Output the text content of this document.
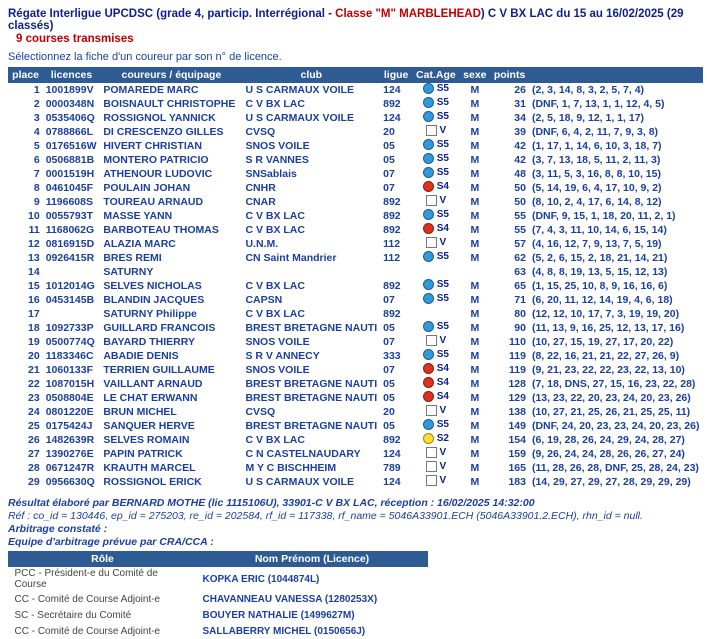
Régate Interligue UPCDSC (grade 4, particip. Interrégional - Classe "M" MARBLEHEAD) C V BX LAC du 15 au 16/02/2025 (29 classés)
9 courses transmises
Sélectionnez la fiche d'un coureur par son n° de licence.
place	licences	coureurs / équipage	club	ligue	Cat.Age	sexe	points	
1	1001899V	POMAREDE MARC	U S CARMAUX VOILE	124	S5	M	26	(2, 3, 14, 8, 3, 2, 5, 7, 4)
2	0000348N	BOISNAULT CHRISTOPHE	C V BX LAC	892	S5	M	31	(DNF, 1, 7, 13, 1, 1, 12, 4, 5)
3	0535406Q	ROSSIGNOL YANNICK	U S CARMAUX VOILE	124	S5	M	34	(2, 5, 18, 9, 12, 1, 1, 17)
4	0788866L	DI CRESCENZO GILLES	CVSQ	20	V	M	39	(DNF, 6, 4, 2, 11, 7, 9, 3, 8)
5	0176516W	HIVERT CHRISTIAN	SNOS VOILE	05	S5	M	42	(1, 17, 1, 14, 6, 10, 3, 18, 7)
6	0506881B	MONTERO PATRICIO	S R VANNES	05	S5	M	42	(3, 7, 13, 18, 5, 11, 2, 11, 3)
7	0001519H	ATHENOUR LUDOVIC	SNSablais	07	S5	M	48	(3, 11, 5, 3, 16, 8, 8, 10, 15)
8	0461045F	POULAIN JOHAN	CNHR	07	S4	M	50	(5, 14, 19, 6, 4, 17, 10, 9, 2)
9	1196608S	TOUREAU ARNAUD	CNAR	892	V	M	50	(8, 10, 2, 4, 17, 6, 14, 8, 12)
10	0055793T	MASSE YANN	C V BX LAC	892	S5	M	55	(DNF, 9, 15, 1, 18, 20, 11, 2, 1)
11	1168062G	BARBOTEAU THOMAS	C V BX LAC	892	S4	M	55	(7, 4, 3, 11, 10, 14, 6, 15, 14)
12	0816915D	ALAZIA MARC	U.N.M.	112	V	M	57	(4, 16, 12, 7, 9, 13, 7, 5, 19)
13	0926415R	BRES REMI	CN Saint Mandrier	112	S5	M	62	(5, 2, 6, 15, 2, 18, 21, 14, 21)
14		SATURNY					63	(4, 8, 8, 19, 13, 5, 15, 12, 13)
15	1012014G	SELVES NICHOLAS	C V BX LAC	892	S5	M	65	(1, 15, 25, 10, 8, 9, 16, 16, 6)
16	0453145B	BLANDIN JACQUES	CAPSN	07	S5	M	71	(6, 20, 11, 12, 14, 19, 4, 6, 18)
17		SATURNY Philippe	C V BX LAC	892		M	80	(12, 12, 10, 17, 7, 3, 19, 19, 20)
18	1092733P	GUILLARD FRANCOIS	BREST BRETAGNE NAUTI	05	S5	M	90	(11, 13, 9, 16, 25, 12, 13, 17, 16)
19	0500774Q	BAYARD THIERRY	SNOS VOILE	07	V	M	110	(10, 27, 15, 19, 27, 17, 20, 22)
20	1183346C	ABADIE DENIS	S R V ANNECY	333	S5	M	119	(8, 22, 16, 21, 21, 22, 27, 26, 9)
21	1060133F	TERRIEN GUILLAUME	SNOS VOILE	07	S4	M	119	(9, 21, 23, 22, 22, 23, 22, 13, 10)
22	1087015H	VAILLANT ARNAUD	BREST BRETAGNE NAUTI	05	S4	M	128	(7, 18, DNS, 27, 15, 16, 23, 22, 28)
23	0508804E	LE CHAT ERWANN	BREST BRETAGNE NAUTI	05	S4	M	129	(13, 23, 22, 20, 23, 24, 20, 23, 26)
24	0801220E	BRUN MICHEL	CVSQ	20	V	M	138	(10, 27, 21, 25, 26, 21, 25, 25, 11)
25	0175424J	SANQUER HERVE	BREST BRETAGNE NAUTI	05	S5	M	149	(DNF, 24, 20, 23, 23, 24, 20, 23, 26)
26	1482639R	SELVES ROMAIN	C V BX LAC	892	S2	M	154	(6, 19, 28, 26, 24, 29, 24, 28, 27)
27	1390276E	PAPIN PATRICK	C N CASTELNAUDARY	124	V	M	159	(9, 26, 24, 24, 28, 26, 26, 27, 24)
28	0671247R	KRAUTH MARCEL	M Y C BISCHHEIM	789	V	M	165	(11, 28, 26, 28, DNF, 25, 28, 24, 23)
29	0956630Q	ROSSIGNOL ERICK	U S CARMAUX VOILE	124	V	M	183	(14, 29, 27, 29, 27, 28, 29, 29, 29)
Résultat élaboré par BERNARD MOTHE (lic 1115106U), 33901-C V BX LAC, réception : 16/02/2025 14:32:00
Réf : co_id = 130446, ep_id = 275203, re_id = 202584, rf_id = 117338, rf_name = 5046A33901.ECH (5046A33901.2.ECH), rhn_id = null.
Arbitrage constaté :
Equipe d'arbitrage prévue par CRA/CCA :
Rôle	Nom Prénom (Licence)
PCC - Président-e du Comité de Course	KOPKA ERIC (1044874L)
CC - Comité de Course Adjoint-e	CHAVANNEAU VANESSA (1280253X)
SC - Secrétaire du Comité	BOUYER NATHALIE (1499627M)
CC - Comité de Course Adjoint-e	SALLABERRY MICHEL (0150656J)
